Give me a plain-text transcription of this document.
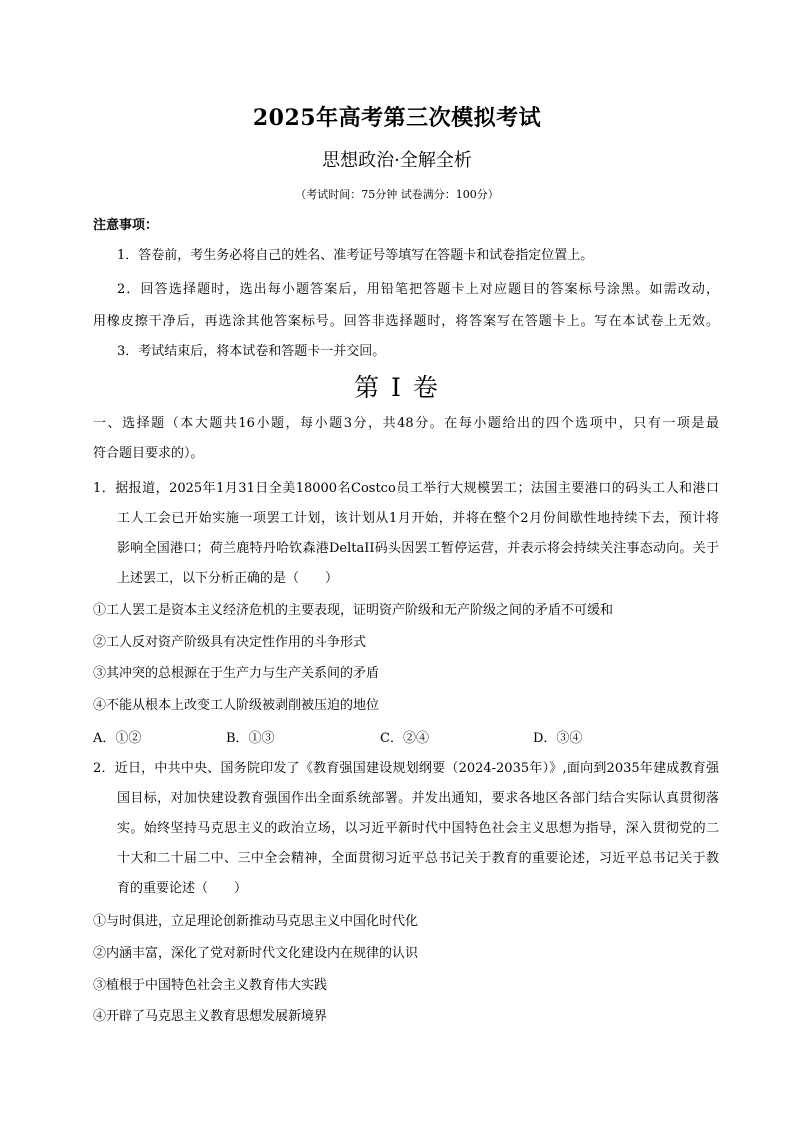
2025年高考第三次模拟考试
思想政治·全解全析
（考试时间：75分钟 试卷满分：100分）
注意事项：
1．答卷前，考生务必将自己的姓名、准考证号等填写在答题卡和试卷指定位置上。
2．回答选择题时，选出每小题答案后，用铅笔把答题卡上对应题目的答案标号涂黑。如需改动，
用橡皮擦干净后，再选涂其他答案标号。回答非选择题时，将答案写在答题卡上。写在本试卷上无效。
3．考试结束后，将本试卷和答题卡一并交回。
第 I 卷
一、选择题（本大题共16小题，每小题3分，共48分。在每小题给出的四个选项中，只有一项是最
符合题目要求的）。
1．据报道，2025年1月31日全美18000名Costco员工举行大规模罢工；法国主要港口的码头工人和港口
工人工会已开始实施一项罢工计划，该计划从1月开始，并将在整个2月份间歇性地持续下去，预计将
影响全国港口；荷兰鹿特丹哈钦森港DeltaII码头因罢工暂停运营，并表示将会持续关注事态动向。关于
上述罢工，以下分析正确的是（　　）
①工人罢工是资本主义经济危机的主要表现，证明资产阶级和无产阶级之间的矛盾不可缓和
②工人反对资产阶级具有决定性作用的斗争形式
③其冲突的总根源在于生产力与生产关系间的矛盾
④不能从根本上改变工人阶级被剥削被压迫的地位
A．①②	B．①③	C．②④	D．③④
2．近日，中共中央、国务院印发了《教育强国建设规划纲要（2024-2035年）》,面向到2035年建成教育强
国目标，对加快建设教育强国作出全面系统部署。并发出通知，要求各地区各部门结合实际认真贯彻落
实。始终坚持马克思主义的政治立场，以习近平新时代中国特色社会主义思想为指导，深入贯彻党的二
十大和二十届二中、三中全会精神，全面贯彻习近平总书记关于教育的重要论述，习近平总书记关于教
育的重要论述（　　）
①与时俱进，立足理论创新推动马克思主义中国化时代化
②内涵丰富，深化了党对新时代文化建设内在规律的认识
③植根于中国特色社会主义教育伟大实践
④开辟了马克思主义教育思想发展新境界
